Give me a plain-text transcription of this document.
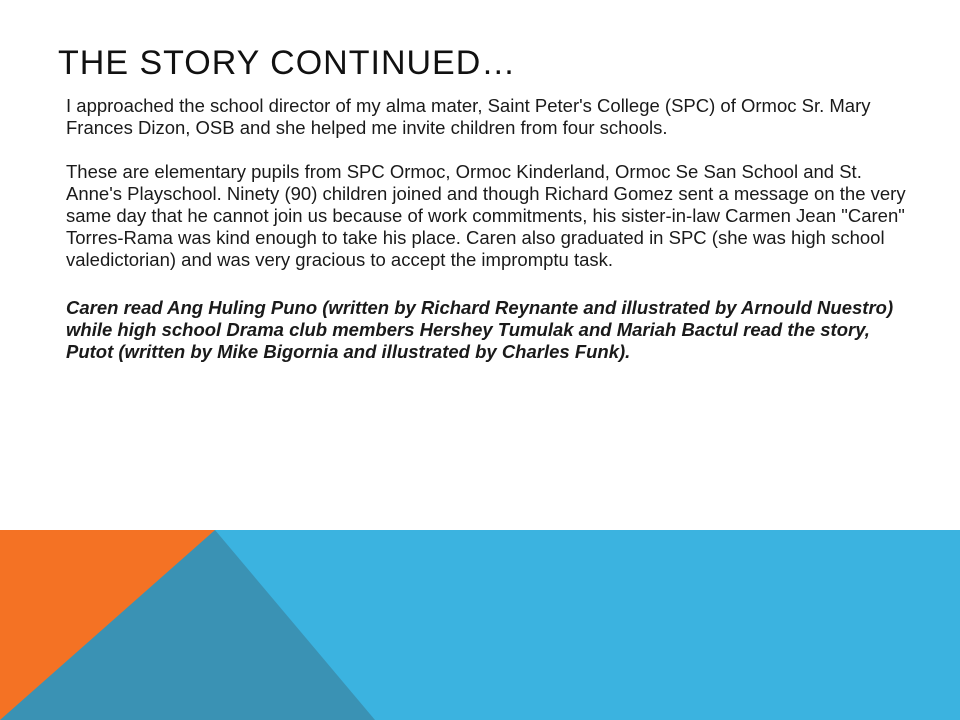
THE STORY CONTINUED…

I approached the school director of my alma mater, Saint Peter's College (SPC) of Ormoc Sr. Mary Frances Dizon, OSB and she helped me invite children from four schools.

These are elementary pupils from SPC Ormoc, Ormoc Kinderland, Ormoc Se San School and St. Anne's Playschool. Ninety (90) children joined and though Richard Gomez sent a message on the very same day that he cannot join us because of work commitments, his sister-in-law Carmen Jean "Caren" Torres-Rama was kind enough to take his place. Caren also graduated in SPC (she was high school valedictorian) and was very gracious to accept the impromptu task.

Caren read Ang Huling Puno (written by Richard Reynante and illustrated by Arnould Nuestro) while high school Drama club members Hershey Tumulak and Mariah Bactul read the story, Putot (written by Mike Bigornia and illustrated by Charles Funk).
